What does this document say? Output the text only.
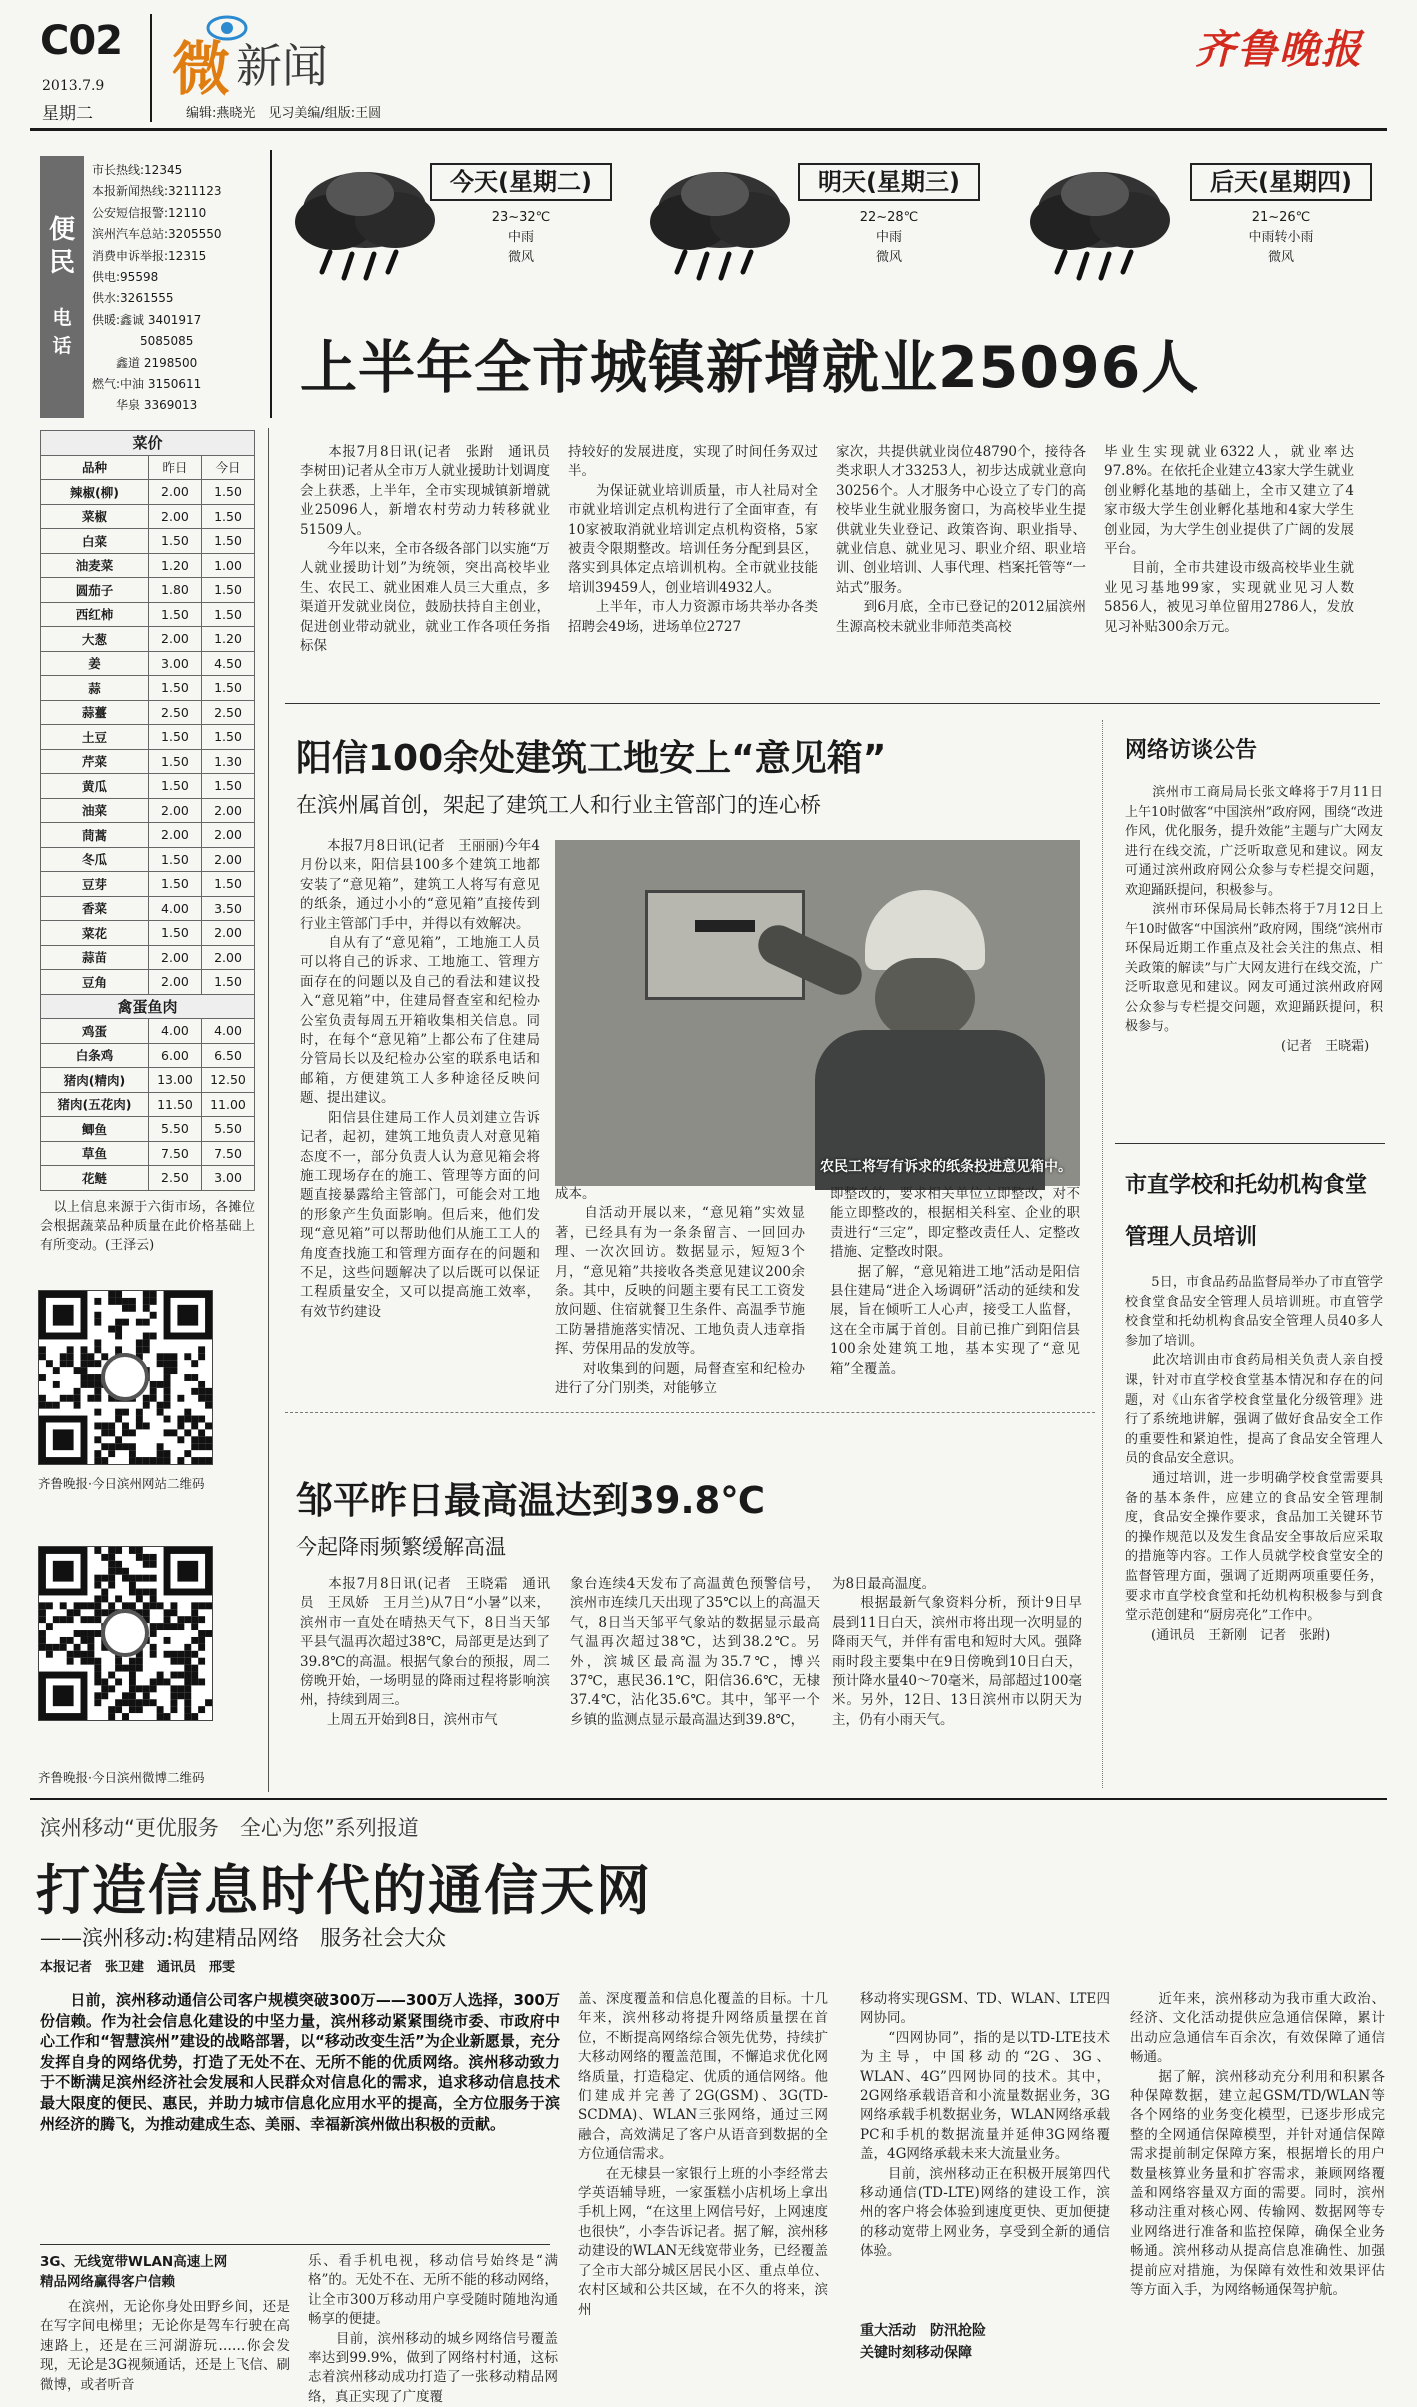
C02
2013.7.9
星期二
微 新闻
编辑:燕晓光　见习美编/组版:王圆
齐鲁晚报
便民
电话
市长热线:12345
本报新闻热线:3211123
公安短信报警:12110
滨州汽车总站:3205550
消费申诉举报:12315
供电:95598
供水:3261555
供暖:鑫诚 3401917
　　　　5085085
　　鑫道 2198500
燃气:中油 3150611
　　华泉 3369013
今天(星期二)
23~32℃
中雨
微风
明天(星期三)
22~28℃
中雨
微风
后天(星期四)
21~26℃
中雨转小雨
微风
菜价		
品种	昨日	今日
辣椒(柳)	2.00	1.50
菜椒	2.00	1.50
白菜	1.50	1.50
油麦菜	1.20	1.00
圆茄子	1.80	1.50
西红柿	1.50	1.50
大葱	2.00	1.20
姜	3.00	4.50
蒜	1.50	1.50
蒜薹	2.50	2.50
土豆	1.50	1.50
芹菜	1.50	1.30
黄瓜	1.50	1.50
油菜	2.00	2.00
茼蒿	2.00	2.00
冬瓜	1.50	2.00
豆芽	1.50	1.50
香菜	4.00	3.50
菜花	1.50	2.00
蒜苗	2.00	2.00
豆角	2.00	1.50
禽蛋鱼肉		
鸡蛋	4.00	4.00
白条鸡	6.00	6.50
猪肉(精肉)	13.00	12.50
猪肉(五花肉)	11.50	11.00
鲫鱼	5.50	5.50
草鱼	7.50	7.50
花鲢	2.50	3.00
　以上信息来源于六街市场，各摊位会根据蔬菜品种质量在此价格基础上有所变动。(王泽云)
齐鲁晚报·今日滨州网站二维码
齐鲁晚报·今日滨州微博二维码
上半年全市城镇新增就业25096人
　　本报7月8日讯(记者　张跗　通讯员　李树田)记者从全市万人就业援助计划调度会上获悉，上半年，全市实现城镇新增就业25096人，新增农村劳动力转移就业51509人。
　　今年以来，全市各级各部门以实施“万人就业援助计划”为统领，突出高校毕业生、农民工、就业困难人员三大重点，多渠道开发就业岗位，鼓励扶持自主创业，促进创业带动就业，就业工作各项任务指标保
持较好的发展进度，实现了时间任务双过半。
　　为保证就业培训质量，市人社局对全市就业培训定点机构进行了全面审查，有10家被取消就业培训定点机构资格，5家被责令限期整改。培训任务分配到县区，落实到具体定点培训机构。全市就业技能培训39459人，创业培训4932人。
　　上半年，市人力资源市场共举办各类招聘会49场，进场单位2727
家次，共提供就业岗位48790个，接待各类求职人才33253人，初步达成就业意向30256个。人才服务中心设立了专门的高校毕业生就业服务窗口，为高校毕业生提供就业失业登记、政策咨询、职业指导、就业信息、就业见习、职业介绍、职业培训、创业培训、人事代理、档案托管等“一站式”服务。
　　到6月底，全市已登记的2012届滨州生源高校未就业非师范类高校
毕业生实现就业6322人，就业率达97.8%。在依托企业建立43家大学生就业创业孵化基地的基础上，全市又建立了4家市级大学生创业孵化基地和4家大学生创业园，为大学生创业提供了广阔的发展平台。
　　目前，全市共建设市级高校毕业生就业见习基地99家，实现就业见习人数5856人，被见习单位留用2786人，发放见习补贴300余万元。
阳信100余处建筑工地安上“意见箱”
在滨州属首创，架起了建筑工人和行业主管部门的连心桥
　　本报7月8日讯(记者　王丽丽)今年4月份以来，阳信县100多个建筑工地都安装了“意见箱”，建筑工人将写有意见的纸条，通过小小的“意见箱”直接传到行业主管部门手中，并得以有效解决。
　　自从有了“意见箱”，工地施工人员可以将自己的诉求、工地施工、管理方面存在的问题以及自己的看法和建议投入“意见箱”中，住建局督查室和纪检办公室负责每周五开箱收集相关信息。同时，在每个“意见箱”上都公布了住建局分管局长以及纪检办公室的联系电话和邮箱，方便建筑工人多种途径反映问题、提出建议。
　　阳信县住建局工作人员刘建立告诉记者，起初，建筑工地负责人对意见箱态度不一，部分负责人认为意见箱会将施工现场存在的施工、管理等方面的问题直接暴露给主管部门，可能会对工地的形象产生负面影响。但后来，他们发现“意见箱”可以帮助他们从施工工人的角度查找施工和管理方面存在的问题和不足，这些问题解决了以后既可以保证工程质量安全，又可以提高施工效率，有效节约建设
农民工将写有诉求的纸条投进意见箱中。
成本。
　　自活动开展以来，“意见箱”实效显著，已经具有为一条条留言、一回回办理、一次次回访。数据显示，短短3个月，“意见箱”共接收各类意见建议200余条。其中，反映的问题主要有民工工资发放问题、住宿就餐卫生条件、高温季节施工防暑措施落实情况、工地负责人违章指挥、劳保用品的发放等。
　　对收集到的问题，局督查室和纪检办进行了分门别类，对能够立
即整改的，要求相关单位立即整改，对不能立即整改的，根据相关科室、企业的职责进行“三定”，即定整改责任人、定整改措施、定整改时限。
　　据了解，“意见箱进工地”活动是阳信县住建局“进企入场调研”活动的延续和发展，旨在倾听工人心声，接受工人监督，这在全市属于首创。目前已推广到阳信县100余处建筑工地，基本实现了“意见箱”全覆盖。
网络访谈公告
　　滨州市工商局局长张文峰将于7月11日上午10时做客“中国滨州”政府网，围绕“改进作风，优化服务，提升效能”主题与广大网友进行在线交流，广泛听取意见和建议。网友可通过滨州政府网公众参与专栏提交问题，欢迎踊跃提问，积极参与。
　　滨州市环保局局长韩杰将于7月12日上午10时做客“中国滨州”政府网，围绕“滨州市环保局近期工作重点及社会关注的焦点、相关政策的解读”与广大网友进行在线交流，广泛听取意见和建议。网友可通过滨州政府网公众参与专栏提交问题，欢迎踊跃提问，积极参与。
　　　　　　　　　　　　(记者　王晓霜)
市直学校和托幼机构食堂管理人员培训
　　5日，市食品药品监督局举办了市直管学校食堂食品安全管理人员培训班。市直管学校食堂和托幼机构食品安全管理人员40多人参加了培训。
　　此次培训由市食药局相关负责人亲自授课，针对市直学校食堂基本情况和存在的问题，对《山东省学校食堂量化分级管理》进行了系统地讲解，强调了做好食品安全工作的重要性和紧迫性，提高了食品安全管理人员的食品安全意识。
　　通过培训，进一步明确学校食堂需要具备的基本条件，应建立的食品安全管理制度，食品安全操作要求，食品加工关键环节的操作规范以及发生食品安全事故后应采取的措施等内容。工作人员就学校食堂安全的监督管理方面，强调了近期两项重要任务，要求市直学校食堂和托幼机构积极参与到食堂示范创建和“厨房亮化”工作中。
　　(通讯员　王新刚　记者　张跗)
邹平昨日最高温达到39.8℃
今起降雨频繁缓解高温
　　本报7月8日讯(记者　王晓霜　通讯员　王凤娇　王月兰)从7日“小暑”以来，滨州市一直处在晴热天气下，8日当天邹平县气温再次超过38℃，局部更是达到了39.8℃的高温。根据气象台的预报，周二傍晚开始，一场明显的降雨过程将影响滨州，持续到周三。
　　上周五开始到8日，滨州市气
象台连续4天发布了高温黄色预警信号，滨州市连续几天出现了35℃以上的高温天气，8日当天邹平气象站的数据显示最高气温再次超过38℃，达到38.2℃。另外，滨城区最高温为35.7℃，博兴37℃，惠民36.1℃，阳信36.6℃，无棣37.4℃，沾化35.6℃。其中，邹平一个乡镇的监测点显示最高温达到39.8℃，
为8日最高温度。
　　根据最新气象资料分析，预计9日早晨到11日白天，滨州市将出现一次明显的降雨天气，并伴有雷电和短时大风。强降雨时段主要集中在9日傍晚到10日白天，预计降水量40～70毫米，局部超过100毫米。另外，12日、13日滨州市以阴天为主，仍有小雨天气。
滨州移动“更优服务　全心为您”系列报道
打造信息时代的通信天网
——滨州移动:构建精品网络　服务社会大众
本报记者　张卫建　通讯员　邢雯
　　日前，滨州移动通信公司客户规模突破300万——300万人选择，300万份信赖。作为社会信息化建设的中坚力量，滨州移动紧紧围绕市委、市政府中心工作和“智慧滨州”建设的战略部署，以“移动改变生活”为企业新愿景，充分发挥自身的网络优势，打造了无处不在、无所不能的优质网络。滨州移动致力于不断满足滨州经济社会发展和人民群众对信息化的需求，追求移动信息技术最大限度的便民、惠民，并助力城市信息化应用水平的提高，全方位服务于滨州经济的腾飞，为推动建成生态、美丽、幸福新滨州做出积极的贡献。
3G、无线宽带WLAN高速上网
精品网络赢得客户信赖
　　在滨州，无论你身处田野乡间，还是在写字间电梯里；无论你是驾车行驶在高速路上，还是在三河湖游玩……你会发现，无论是3G视频通话，还是上飞信、刷微博，或者听音
乐、看手机电视，移动信号始终是“满格”的。无处不在、无所不能的移动网络，让全市300万移动用户享受随时随地沟通畅享的便捷。
　　目前，滨州移动的城乡网络信号覆盖率达到99.9%，做到了网络村村通，这标志着滨州移动成功打造了一张移动精品网络，真正实现了广度覆
盖、深度覆盖和信息化覆盖的目标。十几年来，滨州移动将提升网络质量摆在首位，不断提高网络综合领先优势，持续扩大移动网络的覆盖范围，不懈追求优化网络质量，打造稳定、优质的通信网络。他们建成并完善了2G(GSM)、3G(TD-SCDMA)、WLAN三张网络，通过三网融合，高效满足了客户从语音到数据的全方位通信需求。
　　在无棣县一家银行上班的小李经常去学英语辅导班，一家蛋糕小店机场上拿出手机上网，“在这里上网信号好，上网速度也很快”，小李告诉记者。据了解，滨州移动建设的WLAN无线宽带业务，已经覆盖了全市大部分城区居民小区、重点单位、农村区域和公共区域，在不久的将来，滨州
移动将实现GSM、TD、WLAN、LTE四网协同。
　　“四网协同”，指的是以TD-LTE技术为主导，中国移动的“2G、3G、WLAN、4G”四网协同的技术。其中，2G网络承载语音和小流量数据业务，3G网络承载手机数据业务，WLAN网络承载PC和手机的数据流量并延伸3G网络覆盖，4G网络承载未来大流量业务。
　　目前，滨州移动正在积极开展第四代移动通信(TD-LTE)网络的建设工作，滨州的客户将会体验到速度更快、更加便捷的移动宽带上网业务，享受到全新的通信体验。
重大活动　防汛抢险
关键时刻移动保障
　　近年来，滨州移动为我市重大政治、经济、文化活动提供应急通信保障，累计出动应急通信车百余次，有效保障了通信畅通。
　　据了解，滨州移动充分利用和积累各种保障数据，建立起GSM/TD/WLAN等各个网络的业务变化模型，已逐步形成完整的全网通信保障模型，并针对通信保障需求提前制定保障方案，根据增长的用户数量核算业务量和扩容需求，兼顾网络覆盖和网络容量双方面的需要。同时，滨州移动注重对核心网、传输网、数据网等专业网络进行准备和监控保障，确保全业务畅通。滨州移动从提高信息准确性、加强提前应对措施，为保障有效性和效果评估等方面入手，为网络畅通保驾护航。
